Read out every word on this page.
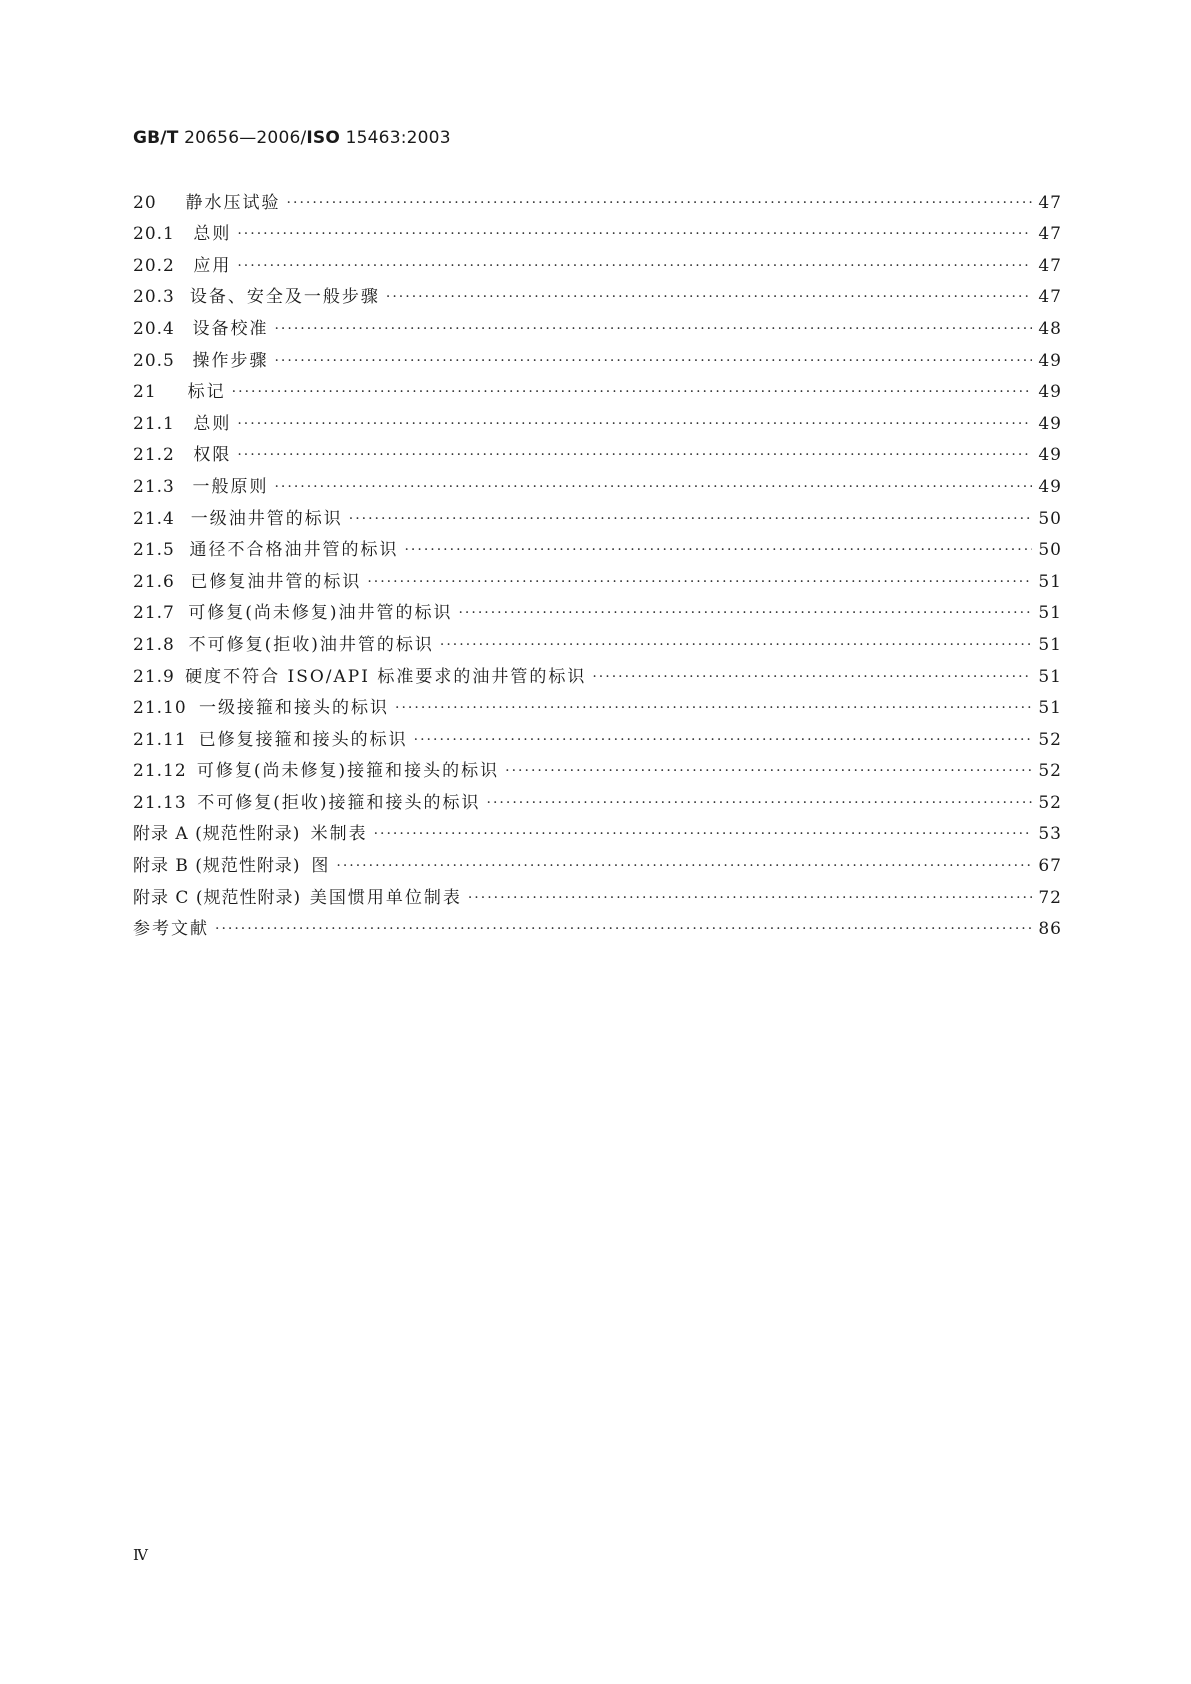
GB/T 20656—2006/ISO 15463:2003
20 静水压试验 ·····	47
20.1 总则 ·····	47
20.2 应用 ·····	47
20.3 设备、安全及一般步骤 ·····	47
20.4 设备校准 ·····	48
20.5 操作步骤 ·····	49
21 标记 ·····	49
21.1 总则 ·····	49
21.2 权限 ·····	49
21.3 一般原则 ·····	49
21.4 一级油井管的标识 ·····	50
21.5 通径不合格油井管的标识 ·····	50
21.6 已修复油井管的标识 ·····	51
21.7 可修复(尚未修复)油井管的标识 ·····	51
21.8 不可修复(拒收)油井管的标识 ·····	51
21.9 硬度不符合 ISO/API 标准要求的油井管的标识 ·····	51
21.10 一级接箍和接头的标识 ·····	51
21.11 已修复接箍和接头的标识 ·····	52
21.12 可修复(尚未修复)接箍和接头的标识 ·····	52
21.13 不可修复(拒收)接箍和接头的标识 ·····	52
附录 A (规范性附录) 米制表 ·····	53
附录 B (规范性附录) 图 ·····	67
附录 C (规范性附录) 美国惯用单位制表 ·····	72
参考文献 ·····	86
Ⅳ
